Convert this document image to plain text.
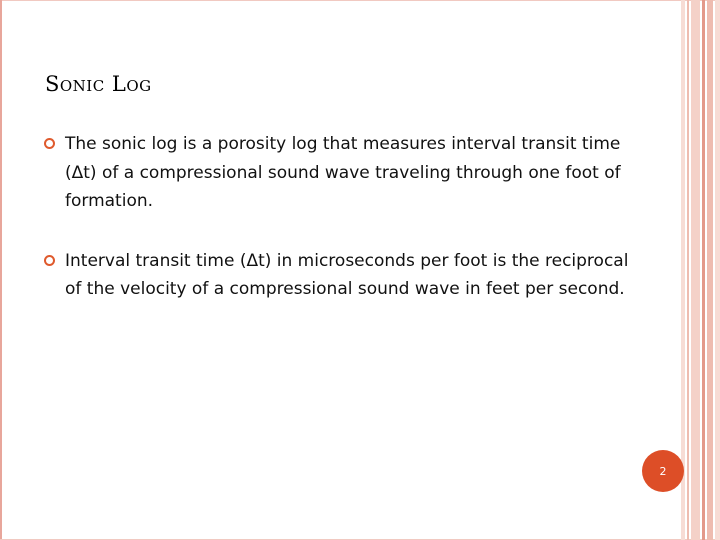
Sonic Log
The sonic log is a porosity log that measures interval transit time (Δt) of a compressional sound wave traveling through one foot of formation.
Interval transit time (Δt) in microseconds per foot is the reciprocal of the velocity of a compressional sound wave in feet per second.
2
